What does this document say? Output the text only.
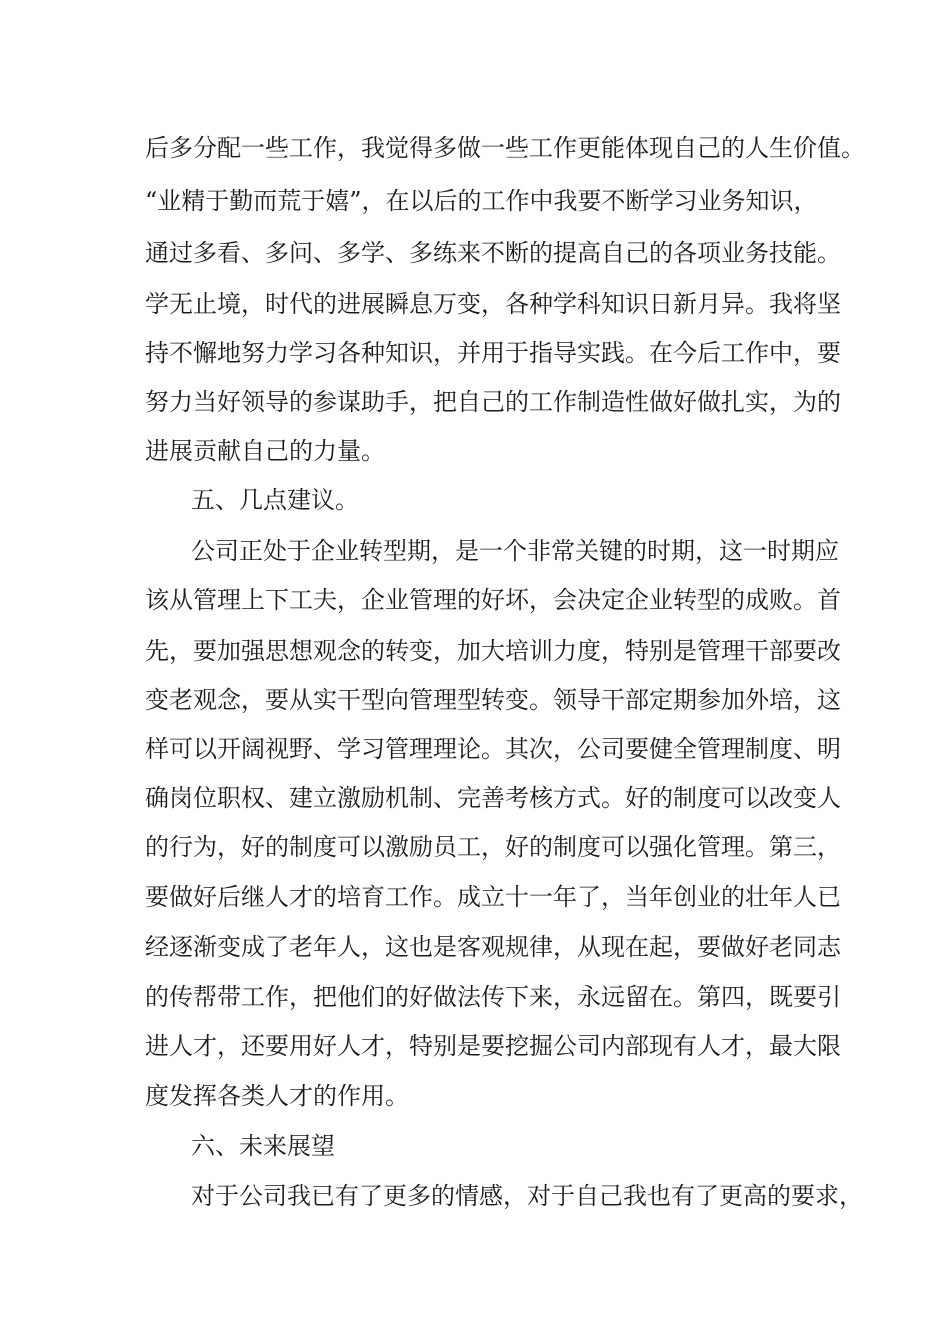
后多分配一些工作，我觉得多做一些工作更能体现自己的人生价值。
“业精于勤而荒于嬉”，在以后的工作中我要不断学习业务知识，
通过多看、多问、多学、多练来不断的提高自己的各项业务技能。
学无止境，时代的进展瞬息万变，各种学科知识日新月异。我将坚
持不懈地努力学习各种知识，并用于指导实践。在今后工作中，要
努力当好领导的参谋助手，把自己的工作制造性做好做扎实，为的
进展贡献自己的力量。
五、几点建议。
公司正处于企业转型期，是一个非常关键的时期，这一时期应
该从管理上下工夫，企业管理的好坏，会决定企业转型的成败。首
先，要加强思想观念的转变，加大培训力度，特别是管理干部要改
变老观念，要从实干型向管理型转变。领导干部定期参加外培，这
样可以开阔视野、学习管理理论。其次，公司要健全管理制度、明
确岗位职权、建立激励机制、完善考核方式。好的制度可以改变人
的行为，好的制度可以激励员工，好的制度可以强化管理。第三，
要做好后继人才的培育工作。成立十一年了，当年创业的壮年人已
经逐渐变成了老年人，这也是客观规律，从现在起，要做好老同志
的传帮带工作，把他们的好做法传下来，永远留在。第四，既要引
进人才，还要用好人才，特别是要挖掘公司内部现有人才，最大限
度发挥各类人才的作用。
六、未来展望
对于公司我已有了更多的情感，对于自己我也有了更高的要求，
